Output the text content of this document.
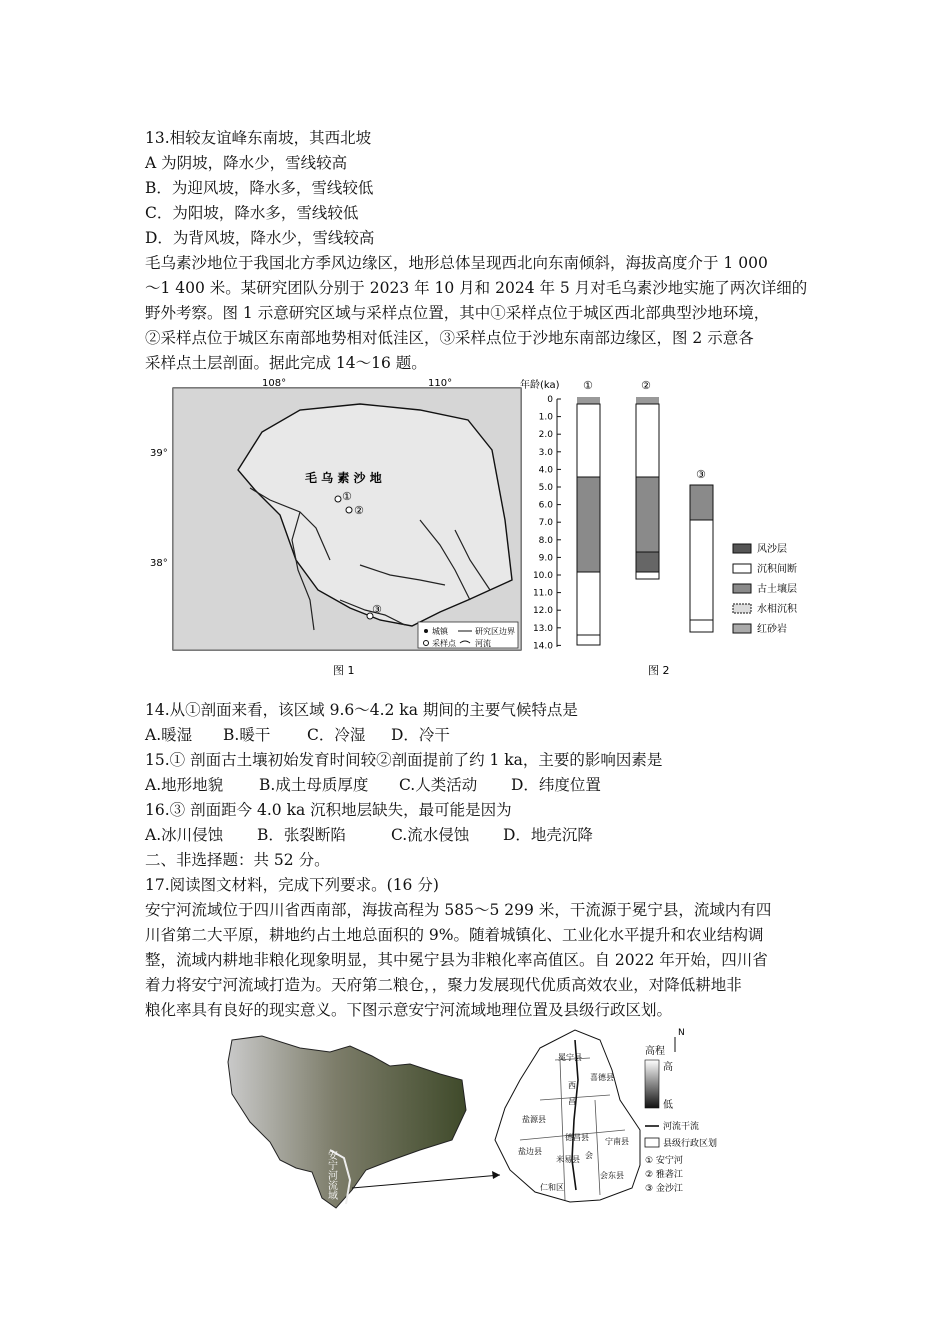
13.相较友谊峰东南坡，其西北坡
A 为阴坡，降水少，雪线较高
B．为迎风坡，降水多，雪线较低
C．为阳坡，降水多，雪线较低
D．为背风坡，降水少，雪线较高
毛乌素沙地位于我国北方季风边缘区，地形总体呈现西北向东南倾斜，海拔高度介于 1 000
～1 400 米。某研究团队分别于 2023 年 10 月和 2024 年 5 月对毛乌素沙地实施了两次详细的
野外考察。图 1 示意研究区域与采样点位置，其中①采样点位于城区西北部典型沙地环境，
②采样点位于城区东南部地势相对低洼区，③采样点位于沙地东南部边缘区，图 2 示意各
采样点土层剖面。据此完成 14～16 题。
108°	110°
39°
38°
毛 乌 素 沙 地
①
②
③
城镇	研究区边界
采样点 河流
图 1
年龄(ka)
0
1.0
2.0
3.0
4.0
5.0
6.0
7.0
8.0
9.0
10.0
11.0
12.0
13.0
14.0
①	②
③
风沙层
沉积间断
古土壤层
水相沉积
红砂岩
图 2
14.从①剖面来看，该区域 9.6～4.2 ka 期间的主要气候特点是
A.暖湿 B.暖干 C．冷湿 D．冷干
15.① 剖面古土壤初始发育时间较②剖面提前了约 1 ka，主要的影响因素是
A.地形地貌 B.成土母质厚度 C.人类活动 D．纬度位置
16.③ 剖面距今 4.0 ka 沉积地层缺失，最可能是因为
A.冰川侵蚀 B．张裂断陷	C.流水侵蚀 D．地壳沉降
二、非选择题：共 52 分。
17.阅读图文材料，完成下列要求。(16 分)
安宁河流域位于四川省西南部，海拔高程为 585～5 299 米，干流源于冕宁县，流域内有四
川省第二大平原，耕地约占土地总面积的 9%。随着城镇化、工业化水平提升和农业结构调
整，流域内耕地非粮化现象明显，其中冕宁县为非粮化率高值区。自 2022 年开始，四川省
着力将安宁河流域打造为。天府第二粮仓，，聚力发展现代优质高效农业，对降低耕地非
粮化率具有良好的现实意义。下图示意安宁河流域地理位置及县级行政区划。
安宁河流域
冕宁县
喜德县
西
昌
盐源县
德昌县 宁南县
盐边县
米易县 会
会东县
仁和区
N
高程
高
低
河流干流
县级行政区划
① 安宁河
② 雅砻江
③ 金沙江
